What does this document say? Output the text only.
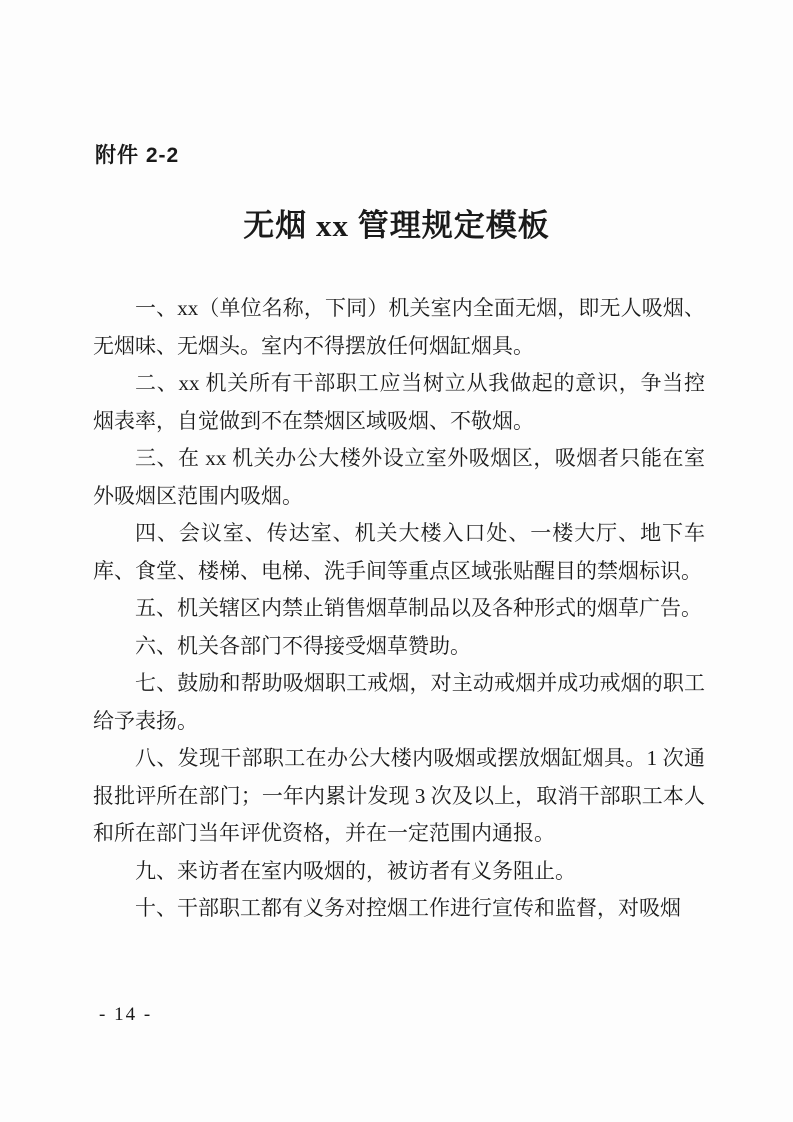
附件 2-2
无烟 xx 管理规定模板

一、xx（单位名称，下同）机关室内全面无烟，即无人吸烟、无烟味、无烟头。室内不得摆放任何烟缸烟具。

二、xx 机关所有干部职工应当树立从我做起的意识，争当控烟表率，自觉做到不在禁烟区域吸烟、不敬烟。

三、在 xx 机关办公大楼外设立室外吸烟区，吸烟者只能在室外吸烟区范围内吸烟。

四、会议室、传达室、机关大楼入口处、一楼大厅、地下车库、食堂、楼梯、电梯、洗手间等重点区域张贴醒目的禁烟标识。

五、机关辖区内禁止销售烟草制品以及各种形式的烟草广告。

六、机关各部门不得接受烟草赞助。

七、鼓励和帮助吸烟职工戒烟，对主动戒烟并成功戒烟的职工给予表扬。

八、发现干部职工在办公大楼内吸烟或摆放烟缸烟具。1 次通报批评所在部门；一年内累计发现 3 次及以上，取消干部职工本人和所在部门当年评优资格，并在一定范围内通报。

九、来访者在室内吸烟的，被访者有义务阻止。

十、干部职工都有义务对控烟工作进行宣传和监督，对吸烟

- 14 -
